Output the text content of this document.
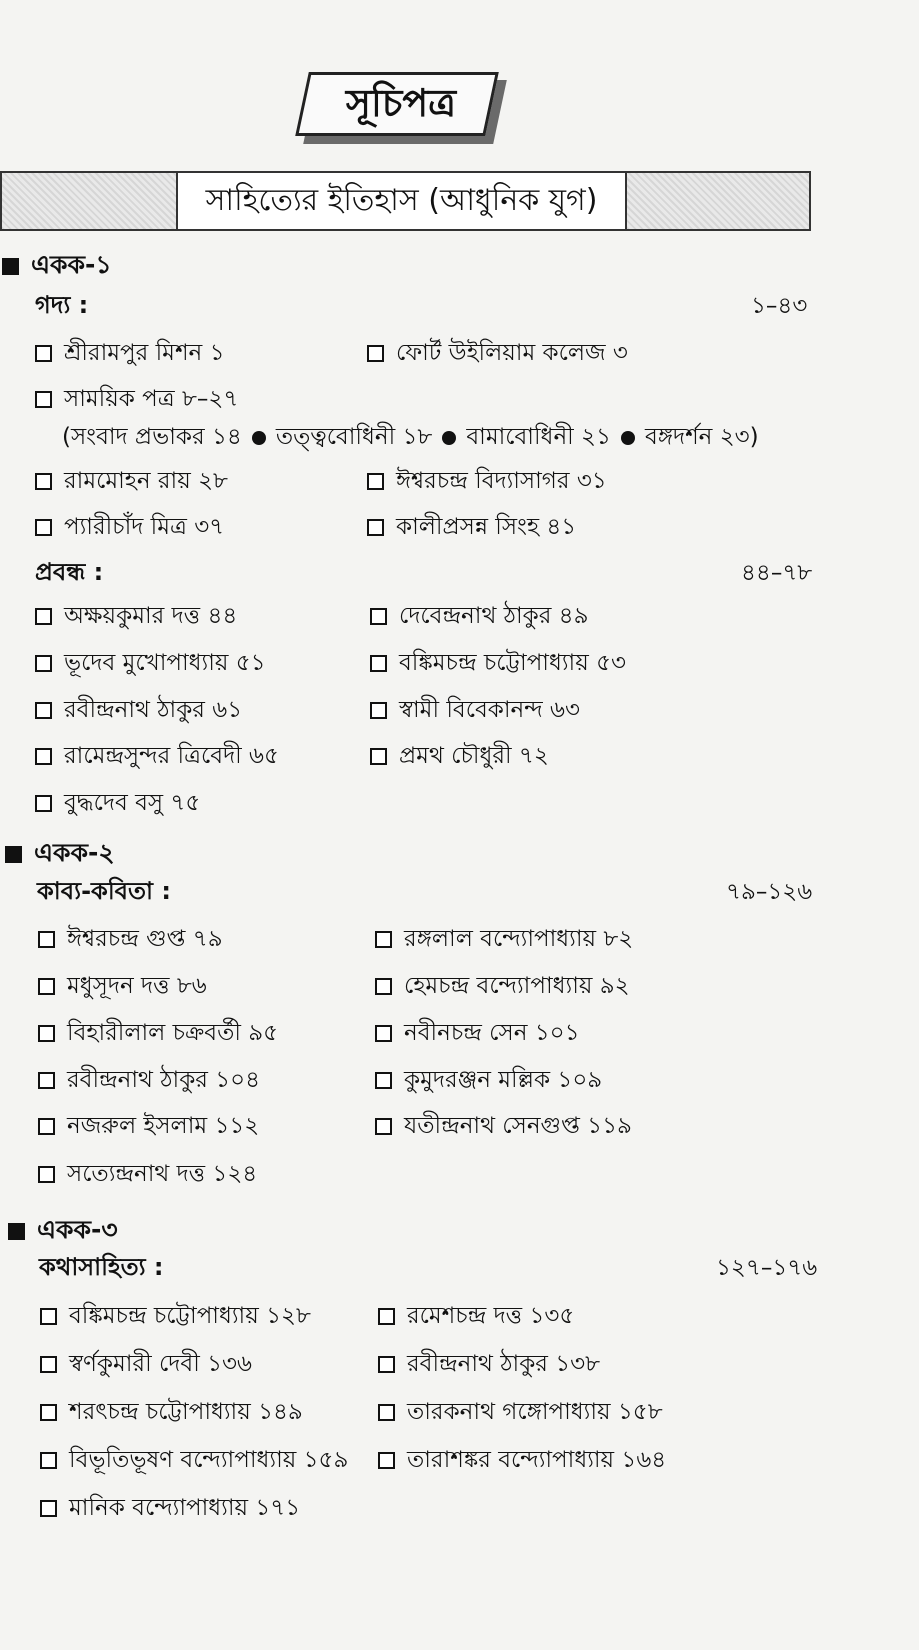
সূচিপত্র
সাহিত্যের ইতিহাস (আধুনিক যুগ)
একক-১
গদ্য :	১–৪৩
শ্রীরামপুর মিশন ১	ফোর্ট উইলিয়াম কলেজ ৩
সাময়িক পত্র ৮–২৭
(সংবাদ প্রভাকর ১৪ তত্ত্ববোধিনী ১৮ বামাবোধিনী ২১ বঙ্গদর্শন ২৩)
রামমোহন রায় ২৮	ঈশ্বরচন্দ্র বিদ্যাসাগর ৩১
প্যারীচাঁদ মিত্র ৩৭	কালীপ্রসন্ন সিংহ ৪১
প্রবন্ধ :	৪৪–৭৮
অক্ষয়কুমার দত্ত ৪৪	দেবেন্দ্রনাথ ঠাকুর ৪৯
ভূদেব মুখোপাধ্যায় ৫১	বঙ্কিমচন্দ্র চট্টোপাধ্যায় ৫৩
রবীন্দ্রনাথ ঠাকুর ৬১	স্বামী বিবেকানন্দ ৬৩
রামেন্দ্রসুন্দর ত্রিবেদী ৬৫	প্রমথ চৌধুরী ৭২
বুদ্ধদেব বসু ৭৫
একক-২
কাব্য-কবিতা :	৭৯–১২৬
ঈশ্বরচন্দ্র গুপ্ত ৭৯	রঙ্গলাল বন্দ্যোপাধ্যায় ৮২
মধুসূদন দত্ত ৮৬	হেমচন্দ্র বন্দ্যোপাধ্যায় ৯২
বিহারীলাল চক্রবর্তী ৯৫	নবীনচন্দ্র সেন ১০১
রবীন্দ্রনাথ ঠাকুর ১০৪	কুমুদরঞ্জন মল্লিক ১০৯
নজরুল ইসলাম ১১২	যতীন্দ্রনাথ সেনগুপ্ত ১১৯
সত্যেন্দ্রনাথ দত্ত ১২৪
একক-৩
কথাসাহিত্য :	১২৭–১৭৬
বঙ্কিমচন্দ্র চট্টোপাধ্যায় ১২৮	রমেশচন্দ্র দত্ত ১৩৫
স্বর্ণকুমারী দেবী ১৩৬	রবীন্দ্রনাথ ঠাকুর ১৩৮
শরৎচন্দ্র চট্টোপাধ্যায় ১৪৯	তারকনাথ গঙ্গোপাধ্যায় ১৫৮
বিভূতিভূষণ বন্দ্যোপাধ্যায় ১৫৯	তারাশঙ্কর বন্দ্যোপাধ্যায় ১৬৪
মানিক বন্দ্যোপাধ্যায় ১৭১
